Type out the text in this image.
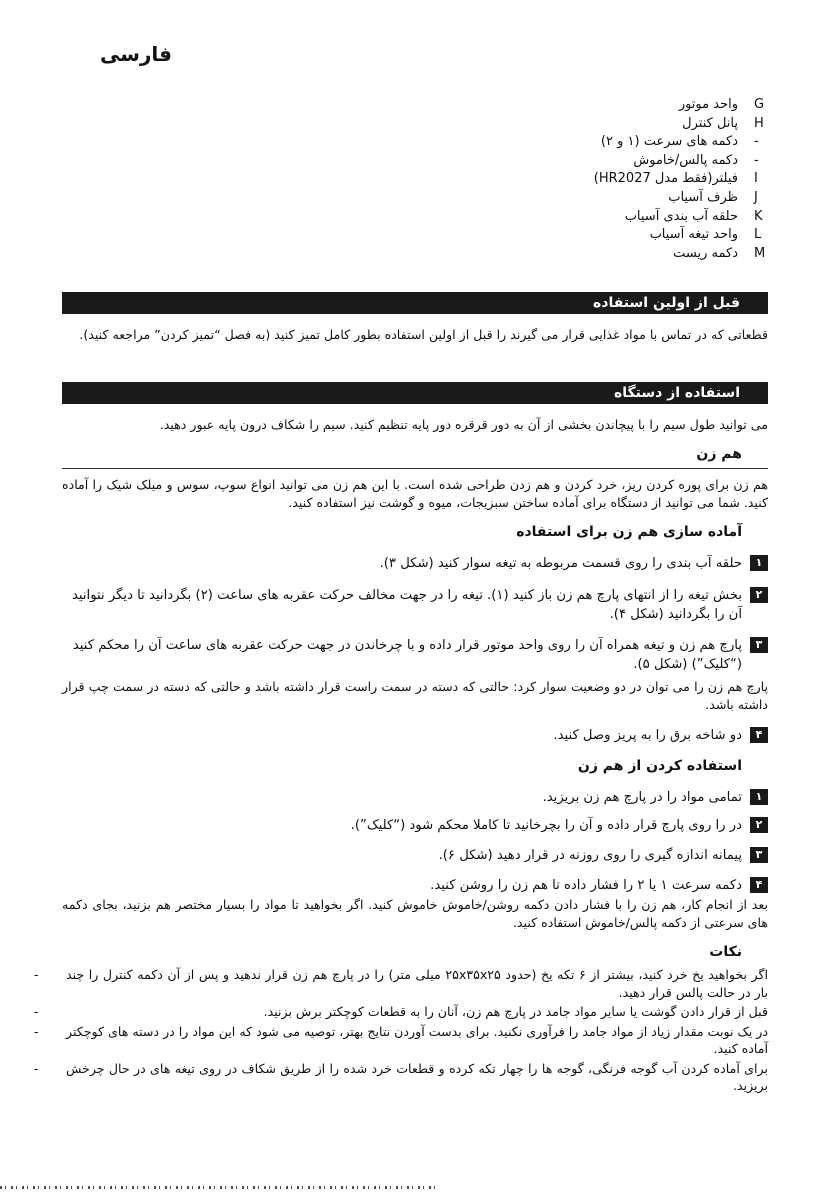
فارسی
G
واحد موتور
H
پانل کنترل
-
دکمه های سرعت (۱ و ۲)
-
دکمه پالس/خاموش
I
فیلتر(فقط مدل HR2027)
J
ظرف آسیاب
K
حلقه آب بندی آسیاب
L
واحد تیغه آسیاب
M
دکمه ریست
قبل از اولین استفاده
قطعاتی که در تماس با مواد غذایی قرار می گیرند را قبل از اولین استفاده بطور کامل تمیز کنید (به فصل “تمیز کردن” مراجعه کنید).
استفاده از دستگاه
می توانید طول سیم را با پیچاندن بخشی از آن به دور قرقره دور پایه تنظیم کنید. سیم را شکاف درون پایه عبور دهید.
هم زن
هم زن برای پوره کردن ریز، خرد کردن و هم زدن طراحی شده است. با این هم زن می توانید انواع سوپ، سوس و میلک شیک را آماده کنید. شما می توانید از دستگاه برای آماده ساختن سبزیجات، میوه و گوشت نیز استفاده کنید.
آماده سازی هم زن برای استفاده
۱
حلقه آب بندی را روی قسمت مربوطه به تیغه سوار کنید (شکل ۳).
۲
بخش تیغه را از انتهای پارچ هم زن باز کنید (۱). تیغه را در جهت مخالف حرکت عقربه های ساعت (۲) بگردانید تا دیگر نتوانید آن را بگردانید (شکل ۴).
۳
پارچ هم زن و تیغه همراه آن را روی واحد موتور قرار داده و با چرخاندن در جهت حرکت عقربه های ساعت آن را محکم کنید (“کلیک”) (شکل ۵).
پارچ هم زن را می توان در دو وضعیت سوار کرد: حالتی که دسته در سمت راست قرار داشته باشد و حالتی که دسته در سمت چپ قرار داشته باشد.
۴
دو شاخه برق را به پریز وصل کنید.
استفاده کردن از هم زن
۱
تمامی مواد را در پارچ هم زن بریزید.
۲
در را روی پارچ قرار داده و آن را بچرخانید تا کاملا محکم شود (“کلیک”).
۳
پیمانه اندازه گیری را روی روزنه در قرار دهید (شکل ۶).
۴
دکمه سرعت ۱ یا ۲ را فشار داده تا هم زن را روشن کنید.
بعد از انجام کار، هم زن را با فشار دادن دکمه روشن/خاموش خاموش کنید. اگر بخواهید تا مواد را بسیار مختصر هم بزنید، بجای دکمه های سرعتی از دکمه پالس/خاموش استفاده کنید.
نکات
- اگر بخواهید یخ خرد کنید، بیشتر از ۶ تکه یخ (حدود ۲۵x۳۵x۲۵ میلی متر) را در پارچ هم زن قرار ندهید و پس از آن دکمه کنترل را چند بار در حالت پالس قرار دهید.
-	قبل از قرار دادن گوشت یا سایر مواد جامد در پارچ هم زن، آنان را به قطعات کوچکتر برش بزنید.
- در یک نوبت مقدار زیاد از مواد جامد را فرآوری نکنید. برای بدست آوردن نتایج بهتر، توصیه می شود که این مواد را در دسته های کوچکتر آماده کنید.
- برای آماده کردن آب گوجه فرنگی، گوجه ها را چهار تکه کرده و قطعات خرد شده را از طریق شکاف در روی تیغه های در حال چرخش بریزید.
